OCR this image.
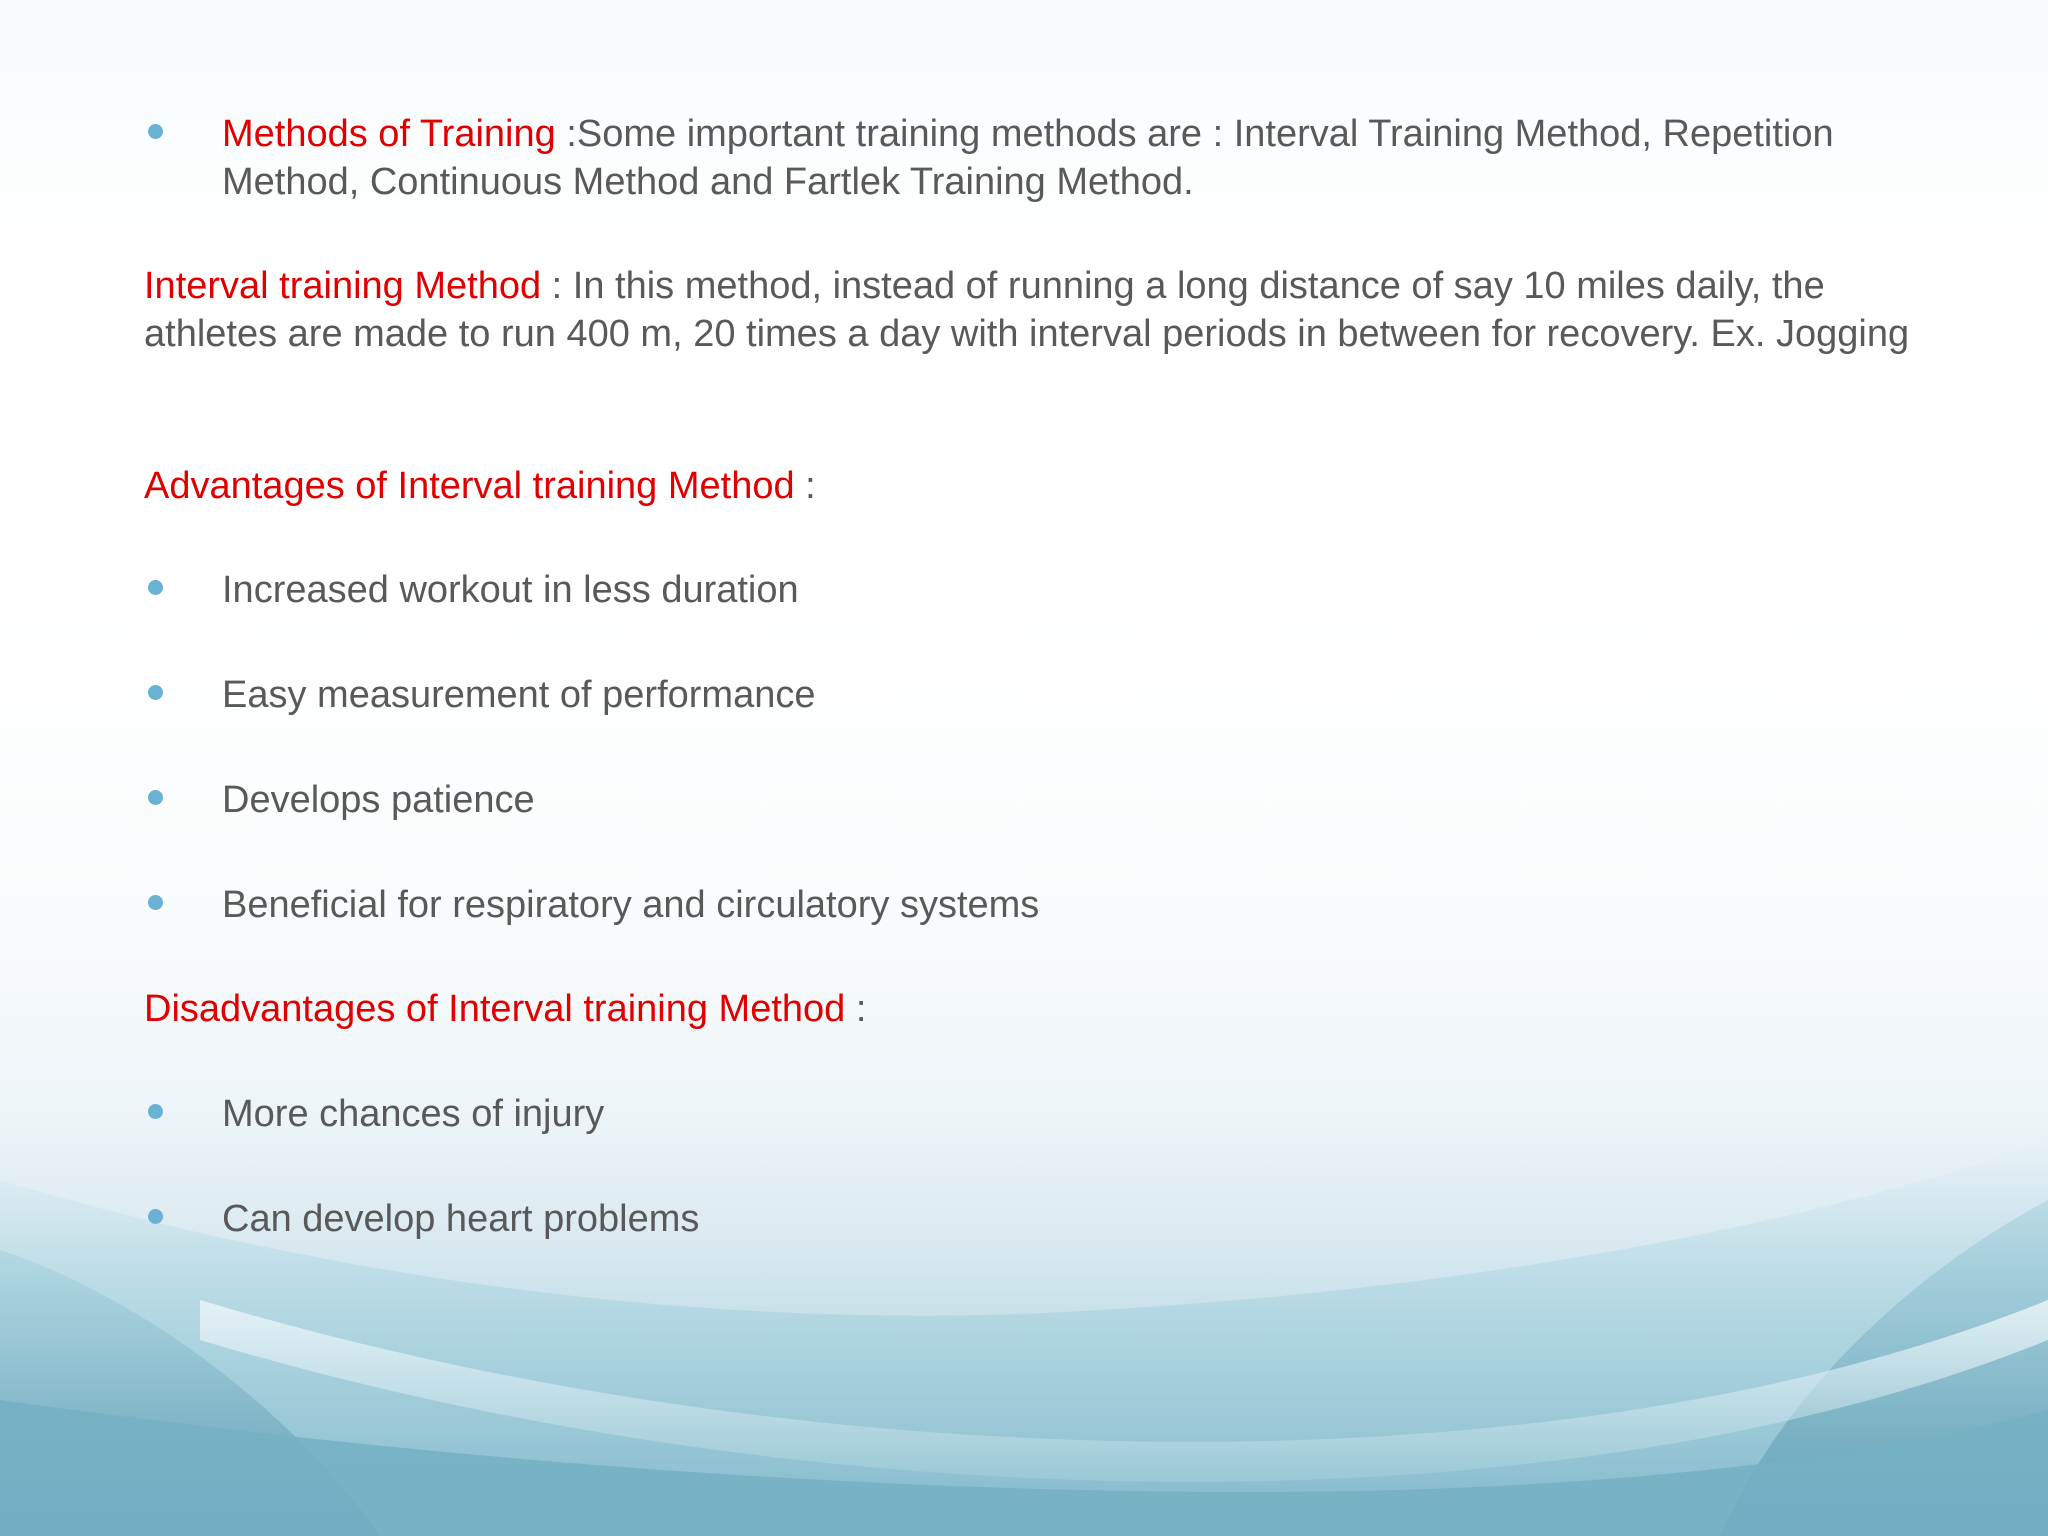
Methods of Training :Some important training methods are : Interval Training Method, Repetition Method, Continuous Method and Fartlek Training Method.
Interval training Method : In this method, instead of running a long distance of say 10 miles daily, the athletes are made to run 400 m, 20 times a day with interval periods in between for recovery. Ex. Jogging
Advantages of Interval training Method :
Increased workout in less duration
Easy measurement of performance
Develops patience
Beneficial for respiratory and circulatory systems
Disadvantages of Interval training Method :
More chances of injury
Can develop heart problems
